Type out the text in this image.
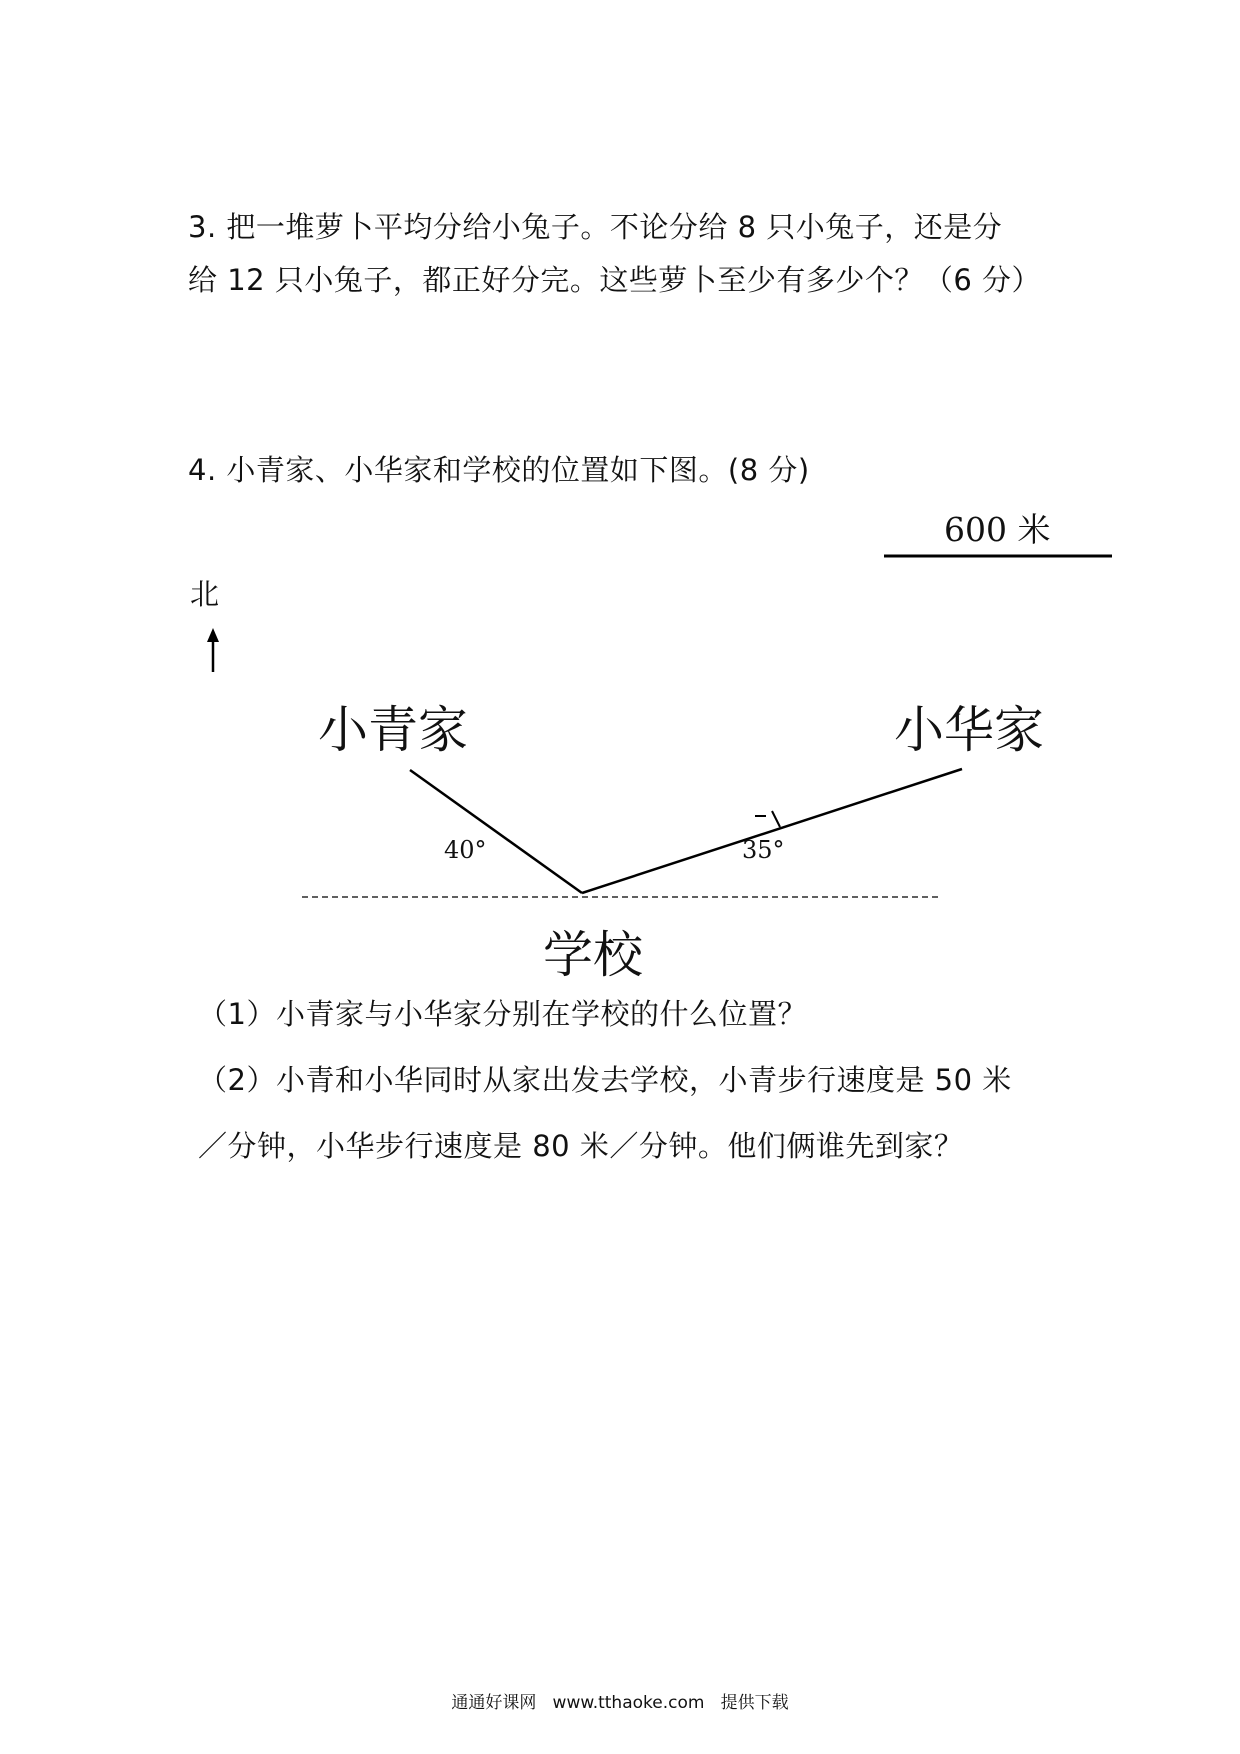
3. 把一堆萝卜平均分给小兔子。不论分给 8 只小兔子，还是分
给 12 只小兔子，都正好分完。这些萝卜至少有多少个？（6 分）
4. 小青家、小华家和学校的位置如下图。(8 分)
600 米
北
小青家	小华家
40°	35°
学校
（1）小青家与小华家分别在学校的什么位置？
（2）小青和小华同时从家出发去学校，小青步行速度是 50 米
／分钟，小华步行速度是 80 米／分钟。他们俩谁先到家？
通通好课网 www.tthaoke.com 提供下载
